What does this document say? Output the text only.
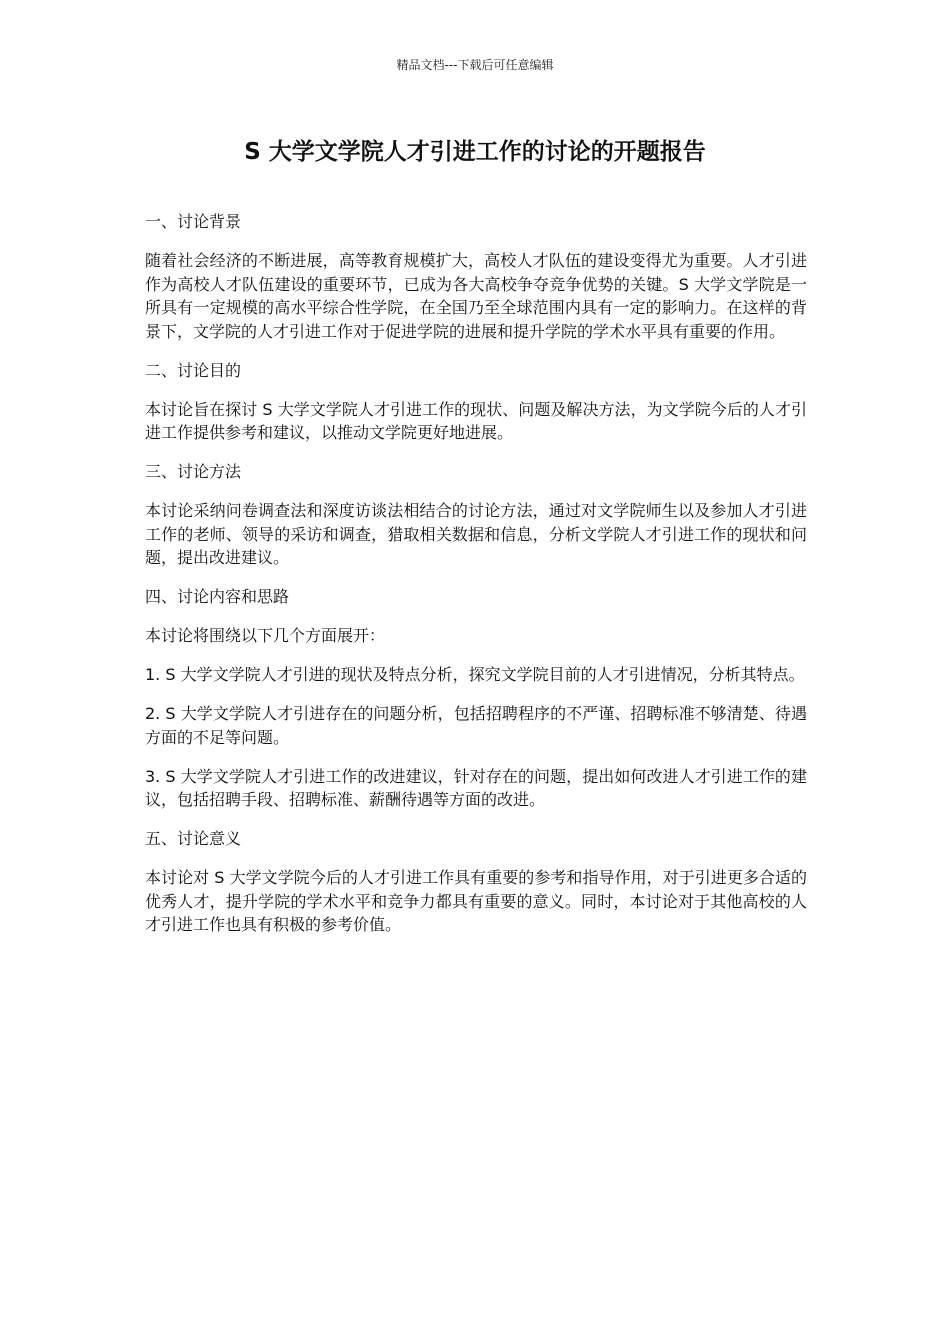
精品文档---下载后可任意编辑
S 大学文学院人才引进工作的讨论的开题报告

一、讨论背景

随着社会经济的不断进展，高等教育规模扩大，高校人才队伍的建设变得尤为重要。人才引进作为高校人才队伍建设的重要环节，已成为各大高校争夺竞争优势的关键。S 大学文学院是一所具有一定规模的高水平综合性学院，在全国乃至全球范围内具有一定的影响力。在这样的背景下，文学院的人才引进工作对于促进学院的进展和提升学院的学术水平具有重要的作用。

二、讨论目的

本讨论旨在探讨 S 大学文学院人才引进工作的现状、问题及解决方法，为文学院今后的人才引进工作提供参考和建议，以推动文学院更好地进展。

三、讨论方法

本讨论采纳问卷调查法和深度访谈法相结合的讨论方法，通过对文学院师生以及参加人才引进工作的老师、领导的采访和调查，猎取相关数据和信息，分析文学院人才引进工作的现状和问题，提出改进建议。

四、讨论内容和思路

本讨论将围绕以下几个方面展开：

1. S 大学文学院人才引进的现状及特点分析，探究文学院目前的人才引进情况，分析其特点。

2. S 大学文学院人才引进存在的问题分析，包括招聘程序的不严谨、招聘标准不够清楚、待遇方面的不足等问题。

3. S 大学文学院人才引进工作的改进建议，针对存在的问题，提出如何改进人才引进工作的建议，包括招聘手段、招聘标准、薪酬待遇等方面的改进。

五、讨论意义

本讨论对 S 大学文学院今后的人才引进工作具有重要的参考和指导作用，对于引进更多合适的优秀人才，提升学院的学术水平和竞争力都具有重要的意义。同时，本讨论对于其他高校的人才引进工作也具有积极的参考价值。
